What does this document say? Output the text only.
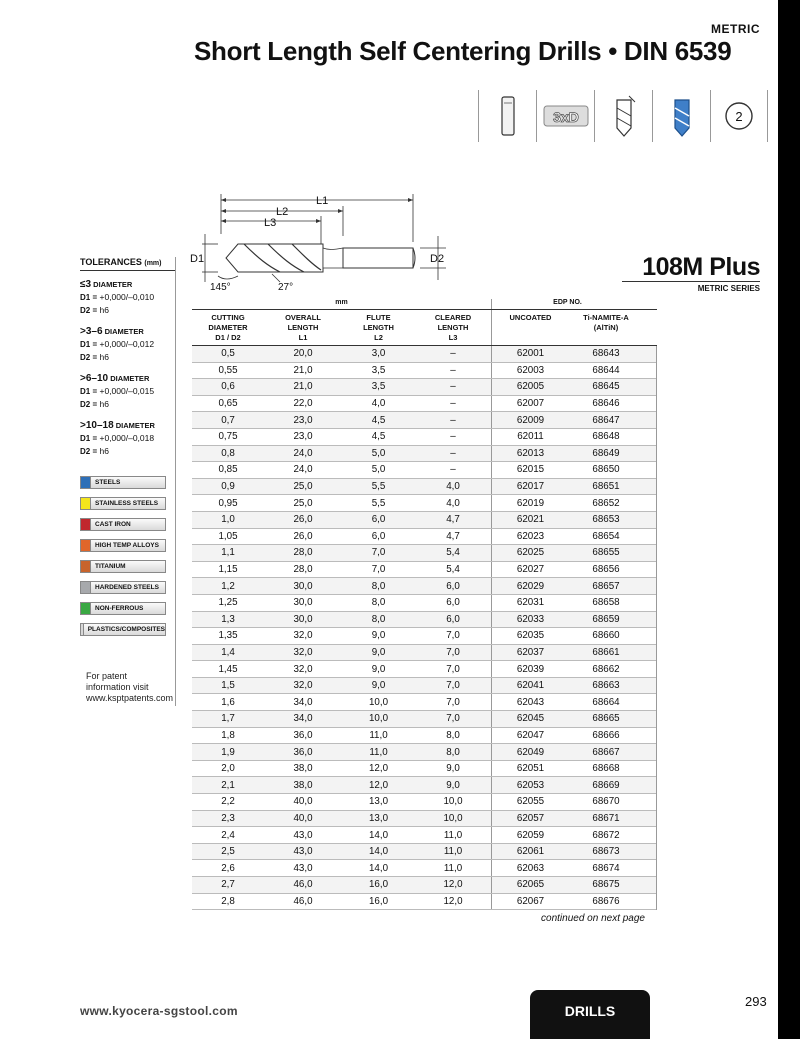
METRIC
Short Length Self Centering Drills • DIN 6539
3xD	2
L1
L2
L3
D1	D2
145°	27°
108M Plus
METRIC SERIES
TOLERANCES (mm)
≤3 DIAMETER
D1 = +0,000/–0,010
D2 = h6
>3–6 DIAMETER
D1 = +0,000/–0,012
D2 = h6
>6–10 DIAMETER
D1 = +0,000/–0,015
D2 = h6
>10–18 DIAMETER
D1 = +0,000/–0,018
D2 = h6
STEELS
STAINLESS STEELS
CAST IRON
HIGH TEMP ALLOYS
TITANIUM
HARDENED STEELS
NON-FERROUS
PLASTICS/COMPOSITES
For patent
information visit
www.ksptpatents.com
mm	EDP NO.
CUTTING
DIAMETER
D1 / D2
OVERALL
LENGTH
L1
FLUTE
LENGTH
L2
CLEARED
LENGTH
L3
UNCOATED	Ti-NAMITE-A
(AlTiN)
0,5	20,0	3,0	–	62001	68643
0,55	21,0	3,5	–	62003	68644
0,6	21,0	3,5	–	62005	68645
0,65	22,0	4,0	–	62007	68646
0,7	23,0	4,5	–	62009	68647
0,75	23,0	4,5	–	62011	68648
0,8	24,0	5,0	–	62013	68649
0,85	24,0	5,0	–	62015	68650
0,9	25,0	5,5	4,0	62017	68651
0,95	25,0	5,5	4,0	62019	68652
1,0	26,0	6,0	4,7	62021	68653
1,05	26,0	6,0	4,7	62023	68654
1,1	28,0	7,0	5,4	62025	68655
1,15	28,0	7,0	5,4	62027	68656
1,2	30,0	8,0	6,0	62029	68657
1,25	30,0	8,0	6,0	62031	68658
1,3	30,0	8,0	6,0	62033	68659
1,35	32,0	9,0	7,0	62035	68660
1,4	32,0	9,0	7,0	62037	68661
1,45	32,0	9,0	7,0	62039	68662
1,5	32,0	9,0	7,0	62041	68663
1,6	34,0	10,0	7,0	62043	68664
1,7	34,0	10,0	7,0	62045	68665
1,8	36,0	11,0	8,0	62047	68666
1,9	36,0	11,0	8,0	62049	68667
2,0	38,0	12,0	9,0	62051	68668
2,1	38,0	12,0	9,0	62053	68669
2,2	40,0	13,0	10,0	62055	68670
2,3	40,0	13,0	10,0	62057	68671
2,4	43,0	14,0	11,0	62059	68672
2,5	43,0	14,0	11,0	62061	68673
2,6	43,0	14,0	11,0	62063	68674
2,7	46,0	16,0	12,0	62065	68675
2,8	46,0	16,0	12,0	62067	68676
continued on next page
www.kyocera-sgstool.com	DRILLS
293
